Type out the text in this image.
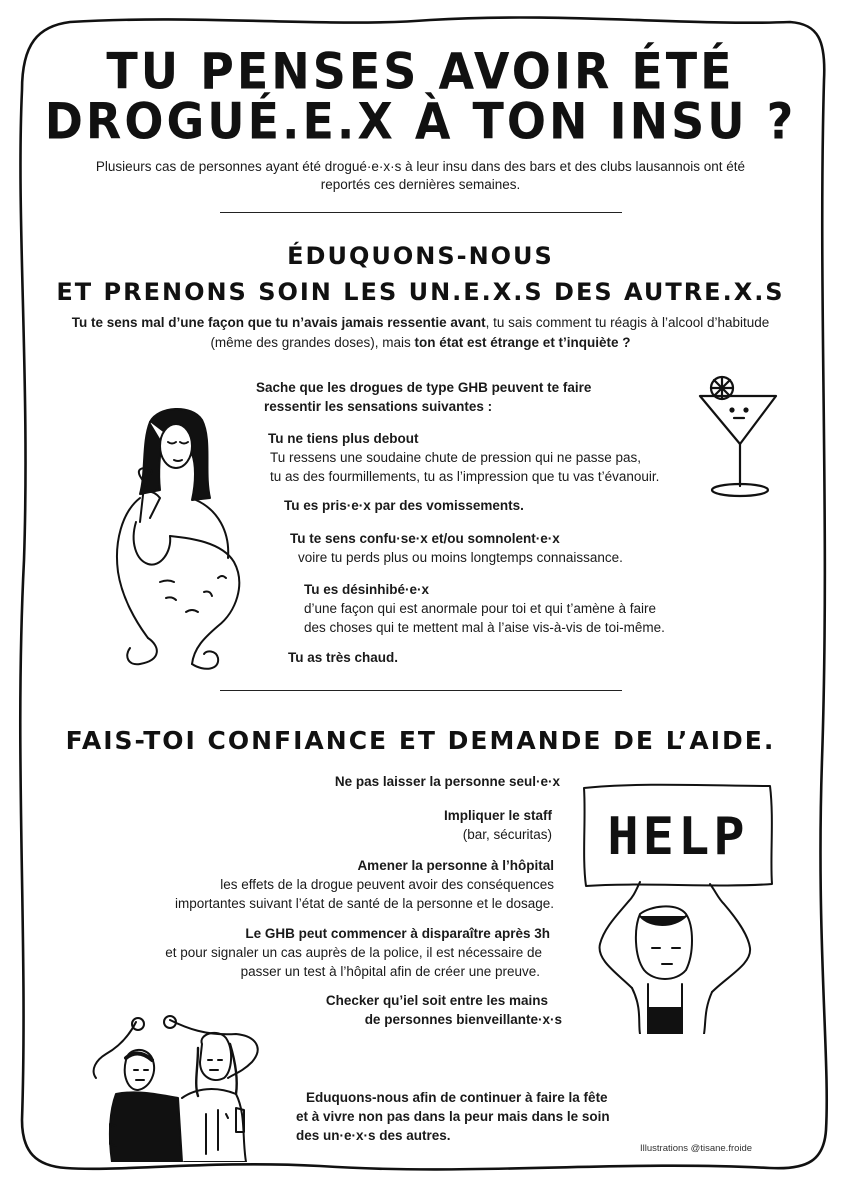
TU PENSES AVOIR ÉTÉ
DROGUÉ.E.X À TON INSU ?

Plusieurs cas de personnes ayant été drogué·e·x·s à leur insu dans des bars et des clubs lausannois ont été reportés ces dernières semaines.

ÉDUQUONS-NOUS
ET PRENONS SOIN LES UN.E.X.S DES AUTRE.X.S

Tu te sens mal d’une façon que tu n’avais jamais ressentie avant, tu sais comment tu réagis à l’alcool d’habitude (même des grandes doses), mais ton état est étrange et t’inquiète ?

Sache que les drogues de type GHB peuvent te faire
ressentir les sensations suivantes :
Tu ne tiens plus debout
Tu ressens une soudaine chute de pression qui ne passe pas,
tu as des fourmillements, tu as l’impression que tu vas t’évanouir.
Tu es pris·e·x par des vomissements.
Tu te sens confu·se·x et/ou somnolent·e·x
voire tu perds plus ou moins longtemps connaissance.
Tu es désinhibé·e·x
d’une façon qui est anormale pour toi et qui t’amène à faire
des choses qui te mettent mal à l’aise vis-à-vis de toi-même.
Tu as très chaud.
FAIS-TOI CONFIANCE ET DEMANDE DE L’AIDE.
Ne pas laisser la personne seul·e·x
Impliquer le staff
(bar, sécuritas)
Amener la personne à l’hôpital
les effets de la drogue peuvent avoir des conséquences
importantes suivant l’état de santé de la personne et le dosage.
Le GHB peut commencer à disparaître après 3h
et pour signaler un cas auprès de la police, il est nécessaire de
passer un test à l’hôpital afin de créer une preuve.
Checker qu’iel soit entre les mains
de personnes bienveillante·x·s
HELP
Eduquons-nous afin de continuer à faire la fête
et à vivre non pas dans la peur mais dans le soin
des un·e·x·s des autres.
Illustrations @tisane.froide
